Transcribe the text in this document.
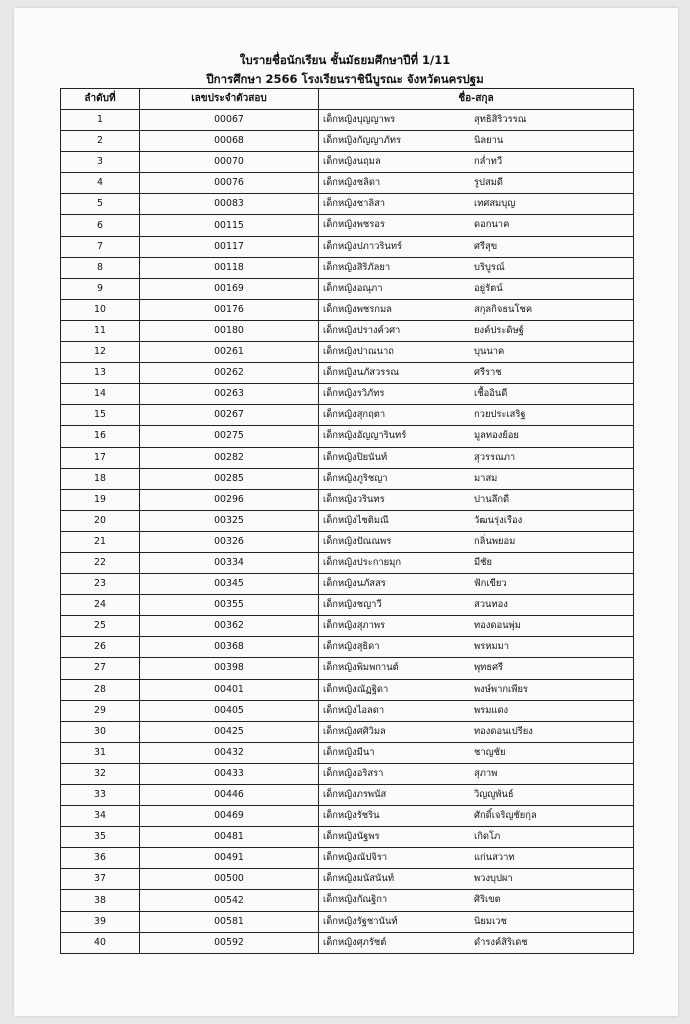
ใบรายชื่อนักเรียน ชั้นมัธยมศึกษาปีที่ 1/11
ปีการศึกษา 2566 โรงเรียนราชินีบูรณะ จังหวัดนครปฐม
ลำดับที่	เลขประจำตัวสอบ	ชื่อ-สกุล
1	00067	เด็กหญิงบุญญาพร สุทธิสิริวรรณ

2	00068	เด็กหญิงกัญญาภัทร นิลยาน

3	00070	เด็กหญิงนฤมล กล่ำทวี

4	00076	เด็กหญิงชลิดา รูปสมดี

5	00083	เด็กหญิงชาลิสา เทศสมบุญ

6	00115	เด็กหญิงพชรอร ดอกนาค

7	00117	เด็กหญิงปภาวรินทร์ ศรีสุข

8	00118	เด็กหญิงสิริภัลยา บริบูรณ์

9	00169	เด็กหญิงอณุภา อยู่รัตน์

10	00176	เด็กหญิงพชรกมล สกุลกิจธนโชค

11	00180	เด็กหญิงปรางค์วศา ยงค์ประดิษฐ์

12	00261	เด็กหญิงปาณนาถ บุนนาค

13	00262	เด็กหญิงนภัสวรรณ ศรีราช

14	00263	เด็กหญิงรวิภัทร เชื้ออินดี

15	00267	เด็กหญิงสุกฤตา กวยประเสริฐ

16	00275	เด็กหญิงอัญญารินทร์ มูลทองย้อย

17	00282	เด็กหญิงปิยนันท์ สุวรรณภา

18	00285	เด็กหญิงภูริชญา มาสม

19	00296	เด็กหญิงวรินทร ปานลึกดี

20	00325	เด็กหญิงไชติมณี วัฒนรุ่งเรือง

21	00326	เด็กหญิงปัณณพร กลิ่นพยอม

22	00334	เด็กหญิงประกายมุก มีชัย

23	00345	เด็กหญิงนภัสสร ฟักเขียว

24	00355	เด็กหญิงชญาวี สวนทอง

25	00362	เด็กหญิงสุภาพร ทองดอนพุ่ม

26	00368	เด็กหญิงสุธิดา พรหมมา

27	00398	เด็กหญิงพิมพกานต์ พุทธศรี

28	00401	เด็กหญิงณัฏฐิดา พงษ์พากเพียร

29	00405	เด็กหญิงไอลดา พรมแดง

30	00425	เด็กหญิงศศิวิมล ทองดอนเปรียง

31	00432	เด็กหญิงมีนา ชาญชัย

32	00433	เด็กหญิงอริสรา สุภาพ

33	00446	เด็กหญิงภรพนัส วิญญูพันธ์

34	00469	เด็กหญิงรัชริน ศักดิ์เจริญชัยกุล

35	00481	เด็กหญิงนัฐพร เกิดโภ

36	00491	เด็กหญิงณัปจิรา แก่นสวาท

37	00500	เด็กหญิงมนัสนันท์ พวงบุปผา

38	00542	เด็กหญิงกัณฐิกา ศิริเขต

39	00581	เด็กหญิงรัฐชานันท์ นิยมเวช

40	00592	เด็กหญิงศุภรัชต์ ดำรงค์สิริเดช
